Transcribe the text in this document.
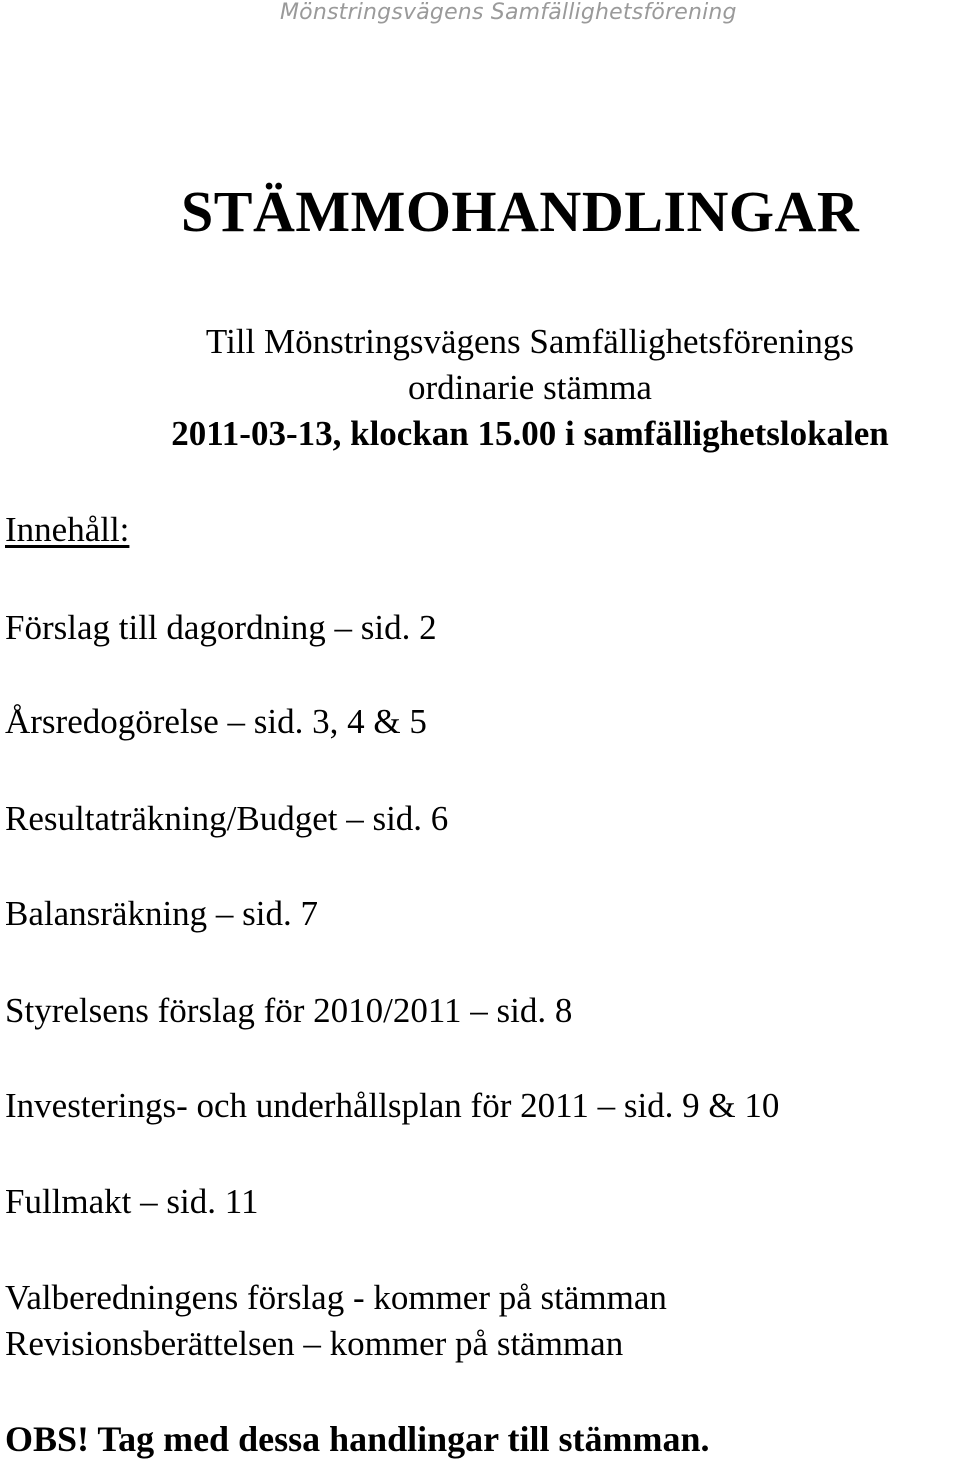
Mönstringsvägens Samfällighetsförening
STÄMMOHANDLINGAR
Till Mönstringsvägens Samfällighetsförenings
ordinarie stämma
2011-03-13, klockan 15.00 i samfällighetslokalen
Innehåll:
Förslag till dagordning – sid. 2
Årsredogörelse – sid. 3, 4 & 5
Resultaträkning/Budget – sid. 6
Balansräkning – sid. 7
Styrelsens förslag för 2010/2011 – sid. 8
Investerings- och underhållsplan för 2011 – sid. 9 & 10
Fullmakt – sid. 11
Valberedningens förslag - kommer på stämman
Revisionsberättelsen – kommer på stämman
OBS! Tag med dessa handlingar till stämman.
